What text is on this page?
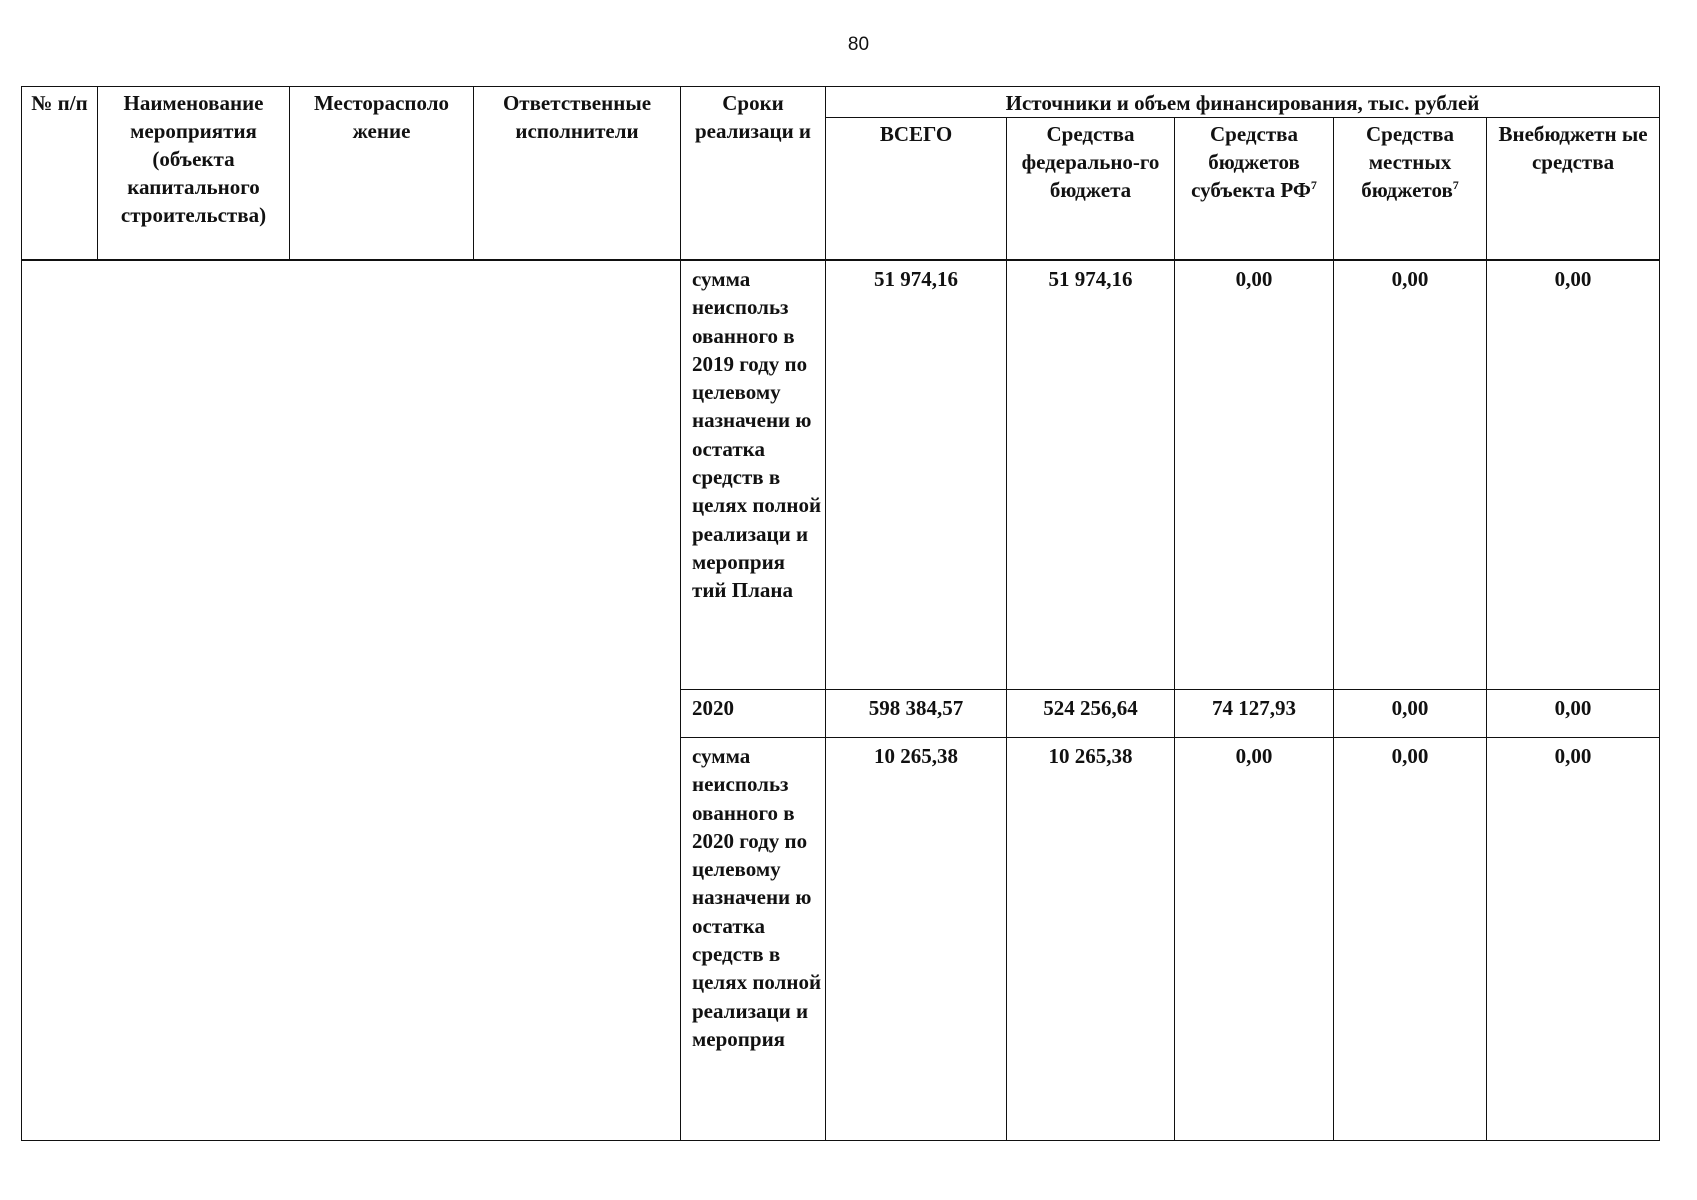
80
№ п/п	Наименование мероприятия (объекта капитального строительства)	Месторасполо жение	Ответственные исполнители	Сроки реализаци и	Источники и объем финансирования, тыс. рублей				
					ВСЕГО	Средства федерально-го бюджета	Средства бюджетов субъекта $РФ^7$	Средства местных бюджетов$^7$	Внебюджетн ые средства
				сумма неиспольз ованного в 2019 году по целевому назначени ю остатка средств в целях полной реализаци и мероприя тий Плана	51 974,16	51 974,16	0,00	0,00	0,00
				2020	598 384,57	524 256,64	74 127,93	0,00	0,00
				сумма неиспольз ованного в 2020 году по целевому назначени ю остатка средств в целях полной реализаци и мероприя	10 265,38	10 265,38	0,00	0,00	0,00
